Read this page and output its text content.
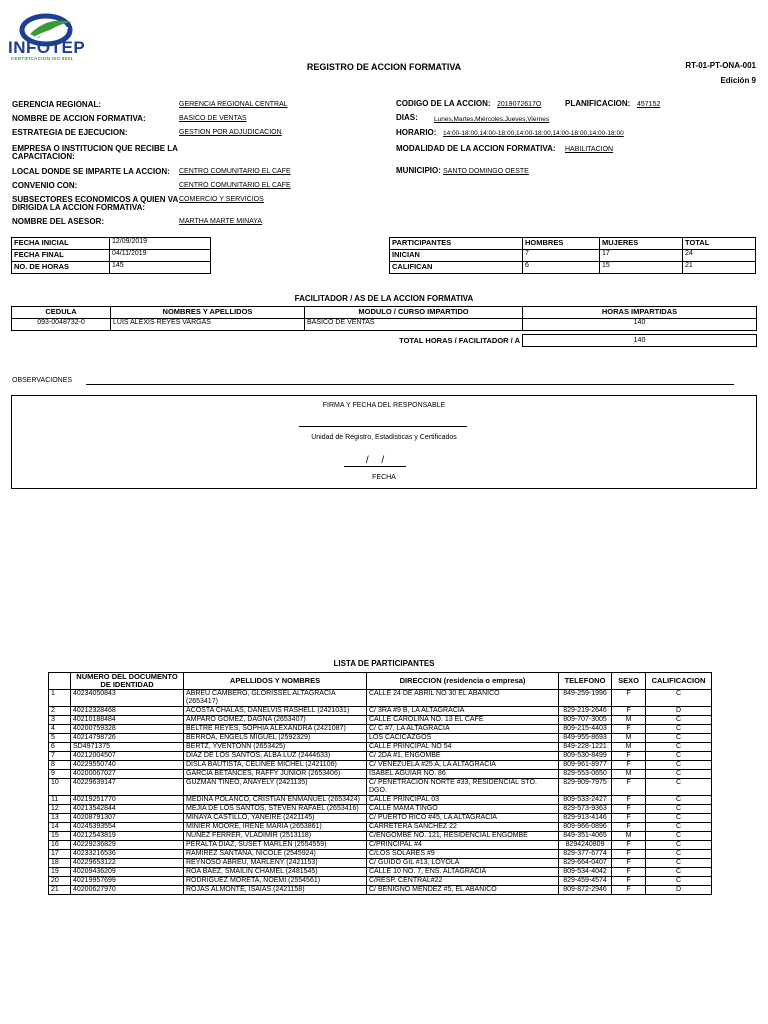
INFOTEP
CERTIFICACION ISO 9001
REGISTRO DE ACCION FORMATIVA	RT-01-PT-ONA-001
Edición 9
GERENCIA REGIONAL:	GERENCIA REGIONAL CENTRAL
NOMBRE DE ACCION FORMATIVA:	BASICO DE VENTAS
ESTRATEGIA DE EJECUCION:	GESTION POR ADJUDICACION
EMPRESA O INSTITUCION QUE RECIBE LA CAPACITACION:
LOCAL DONDE SE IMPARTE LA ACCION: CENTRO COMUNITARIO EL CAFE
CONVENIO CON:	CENTRO COMUNITARIO EL CAFE
SUBSECTORES ECONOMICOS A QUIEN VA DIRIGIDA LA ACCION FORMATIVA:
COMERCIO Y SERVICIOS
NOMBRE DEL ASESOR:	MARTHA MARTE MINAYA
CODIGO DE LA ACCION: 2019072617O	PLANIFICACION: 457152
DIAS: Lunes,Martes,Miércoles,Jueves,Viernes
HORARIO: 14:00-18:00,14:00-18:00,14:00-18:00,14:00-18:00,14:00-18:00
MODALIDAD DE LA ACCION FORMATIVA: HABILITACION
MUNICIPIO: SANTO DOMINGO OESTE
FECHA INICIAL	12/09/2019
FECHA FINAL	04/11/2019
NO. DE HORAS	145
PARTICIPANTES	HOMBRES	MUJERES	TOTAL
INICIAN	7	17	24
CALIFICAN	6	15	21
FACILITADOR / AS DE LA ACCION FORMATIVA
CEDULA	NOMBRES Y APELLIDOS	MODULO / CURSO IMPARTIDO	HORAS IMPARTIDAS
093-0048732-0	LUIS ALEXIS REYES VARGAS	BASICO DE VENTAS	140
TOTAL HORAS / FACILITADOR / A	140
OBSERVACIONES
FIRMA Y FECHA DEL RESPONSABLE
Unidad de Registro, Estadisticas y Certificados
/ /
FECHA
LISTA DE PARTICIPANTES
	NUMERO DEL DOCUMENTO DE IDENTIDAD	APELLIDOS Y NOMBRES	DIRECCION (residencia o empresa)	TELEFONO	SEXO	CALIFICACION
1	40234050843	ABREU CAMBERO, GLORISSEL ALTAGRACIA (2653417)	CALLE 24 DE ABRIL NO 30 EL ABANICO	849-259-1996	F	C
2	40212328468	ACOSTA CHALAS, DANELVIS RASHELL (2421031)	C/ 3RA #9 B, LA ALTAGRACIA	829-219-2646	F	D
3	40210188484	AMPARO GOMEZ, DAGNA (2653407)	CALLE CAROLINA NO. 13 EL CAFE	809-707-3005	M	C
4	40200759328	BELTRE REYES, SOPHIA ALEXANDRA (2421087)	C/ C #7, LA ALTAGRACIA	809-215-4403	F	C
5	40214798726	BERROA, ENGELS MIGUEL (2592329)	LOS CACICAZGOS	849-955-8693	M	C
6	SD4971375	BERTZ, YVENTONN (2653425)	CALLE PRINCIPAL NO 54	849-228-1221	M	C
7	40212004507	DIAZ DE LOS SANTOS, ALBA LUZ (2444633)	C/ 2DA #1, ENGOMBE	809-530-8499	F	C
8	40229550740	DISLA BAUTISTA, CELINEE MICHEL (2421106)	C/ VENEZUELA #25 A, LA ALTAGRACIA	809-961-8977	F	C
9	40200067027	GARCIA BETANCES, RAFFY JUNIOR (2653406)	ISABEL AGUIAR NO. 86	829-553-0650	M	C
10	40229639147	GUZMAN TINEO, ANAYELY (2421135)	C/ PENETRACION NORTE #33, RESIDENCIAL STO. DGO.	829-909-7975	F	C
11	40219251770	MEDINA POLANCO, CRISTIAN ENMANUEL (2653424)	CALLE PRINCIPAL 03	809-533-2427	F	C
12	40213542844	MEJIA DE LOS SANTOS, STEVEN RAFAEL (2653416)	CALLE MAMA TINGO	829-573-9363	F	C
13	40208791307	MINAYA CASTILLO, YANEIRE (2421145)	C/ PUERTO RICO #45, LA ALTAGRACIA	829-913-4146	F	C
14	40245393554	MINIER MOORE, IRENE MARIA (2653861)	CARRETERA SÁNCHEZ 22	809-966-0896	F	C
15	40212543819	NUÑEZ FERRER, VLADIMIR (2513118)	C/ENGOMBE NO. 121, RESIDENCIAL ENGOMBE	849-351-4065	M	C
16	40229236829	PERALTA DIAZ, SUSET MARLEN (2554559)	C/PRINCIPAL #4	8294240809	F	C
17	40233216536	RAMIREZ SANTANA, NICOLE (2545924)	C/LOS SOLARES #9	829-377-6774	F	C
18	40229653122	REYNOSO ABREU, MARLENY (2421153)	C/ GUIDO GIL #13, LOYOLA	829-664-0407	F	C
19	40209436209	ROA BAEZ, SMAILIN CHAMEL (2481545)	CALLE 10 NO. 7, ENS. ALTAGRACIA	809-534-4042	F	C
20	40219957699	RODRIGUEZ MORETA, NOEMI (2554561)	C/RESP. CENTRAL#22	829-459-4574	F	C
21	40200627970	ROJAS ALMONTE, ISAIAS (2421158)	C/ BENIGNO MENDEZ #5, EL ABANICO	809-872-2946	F	D
